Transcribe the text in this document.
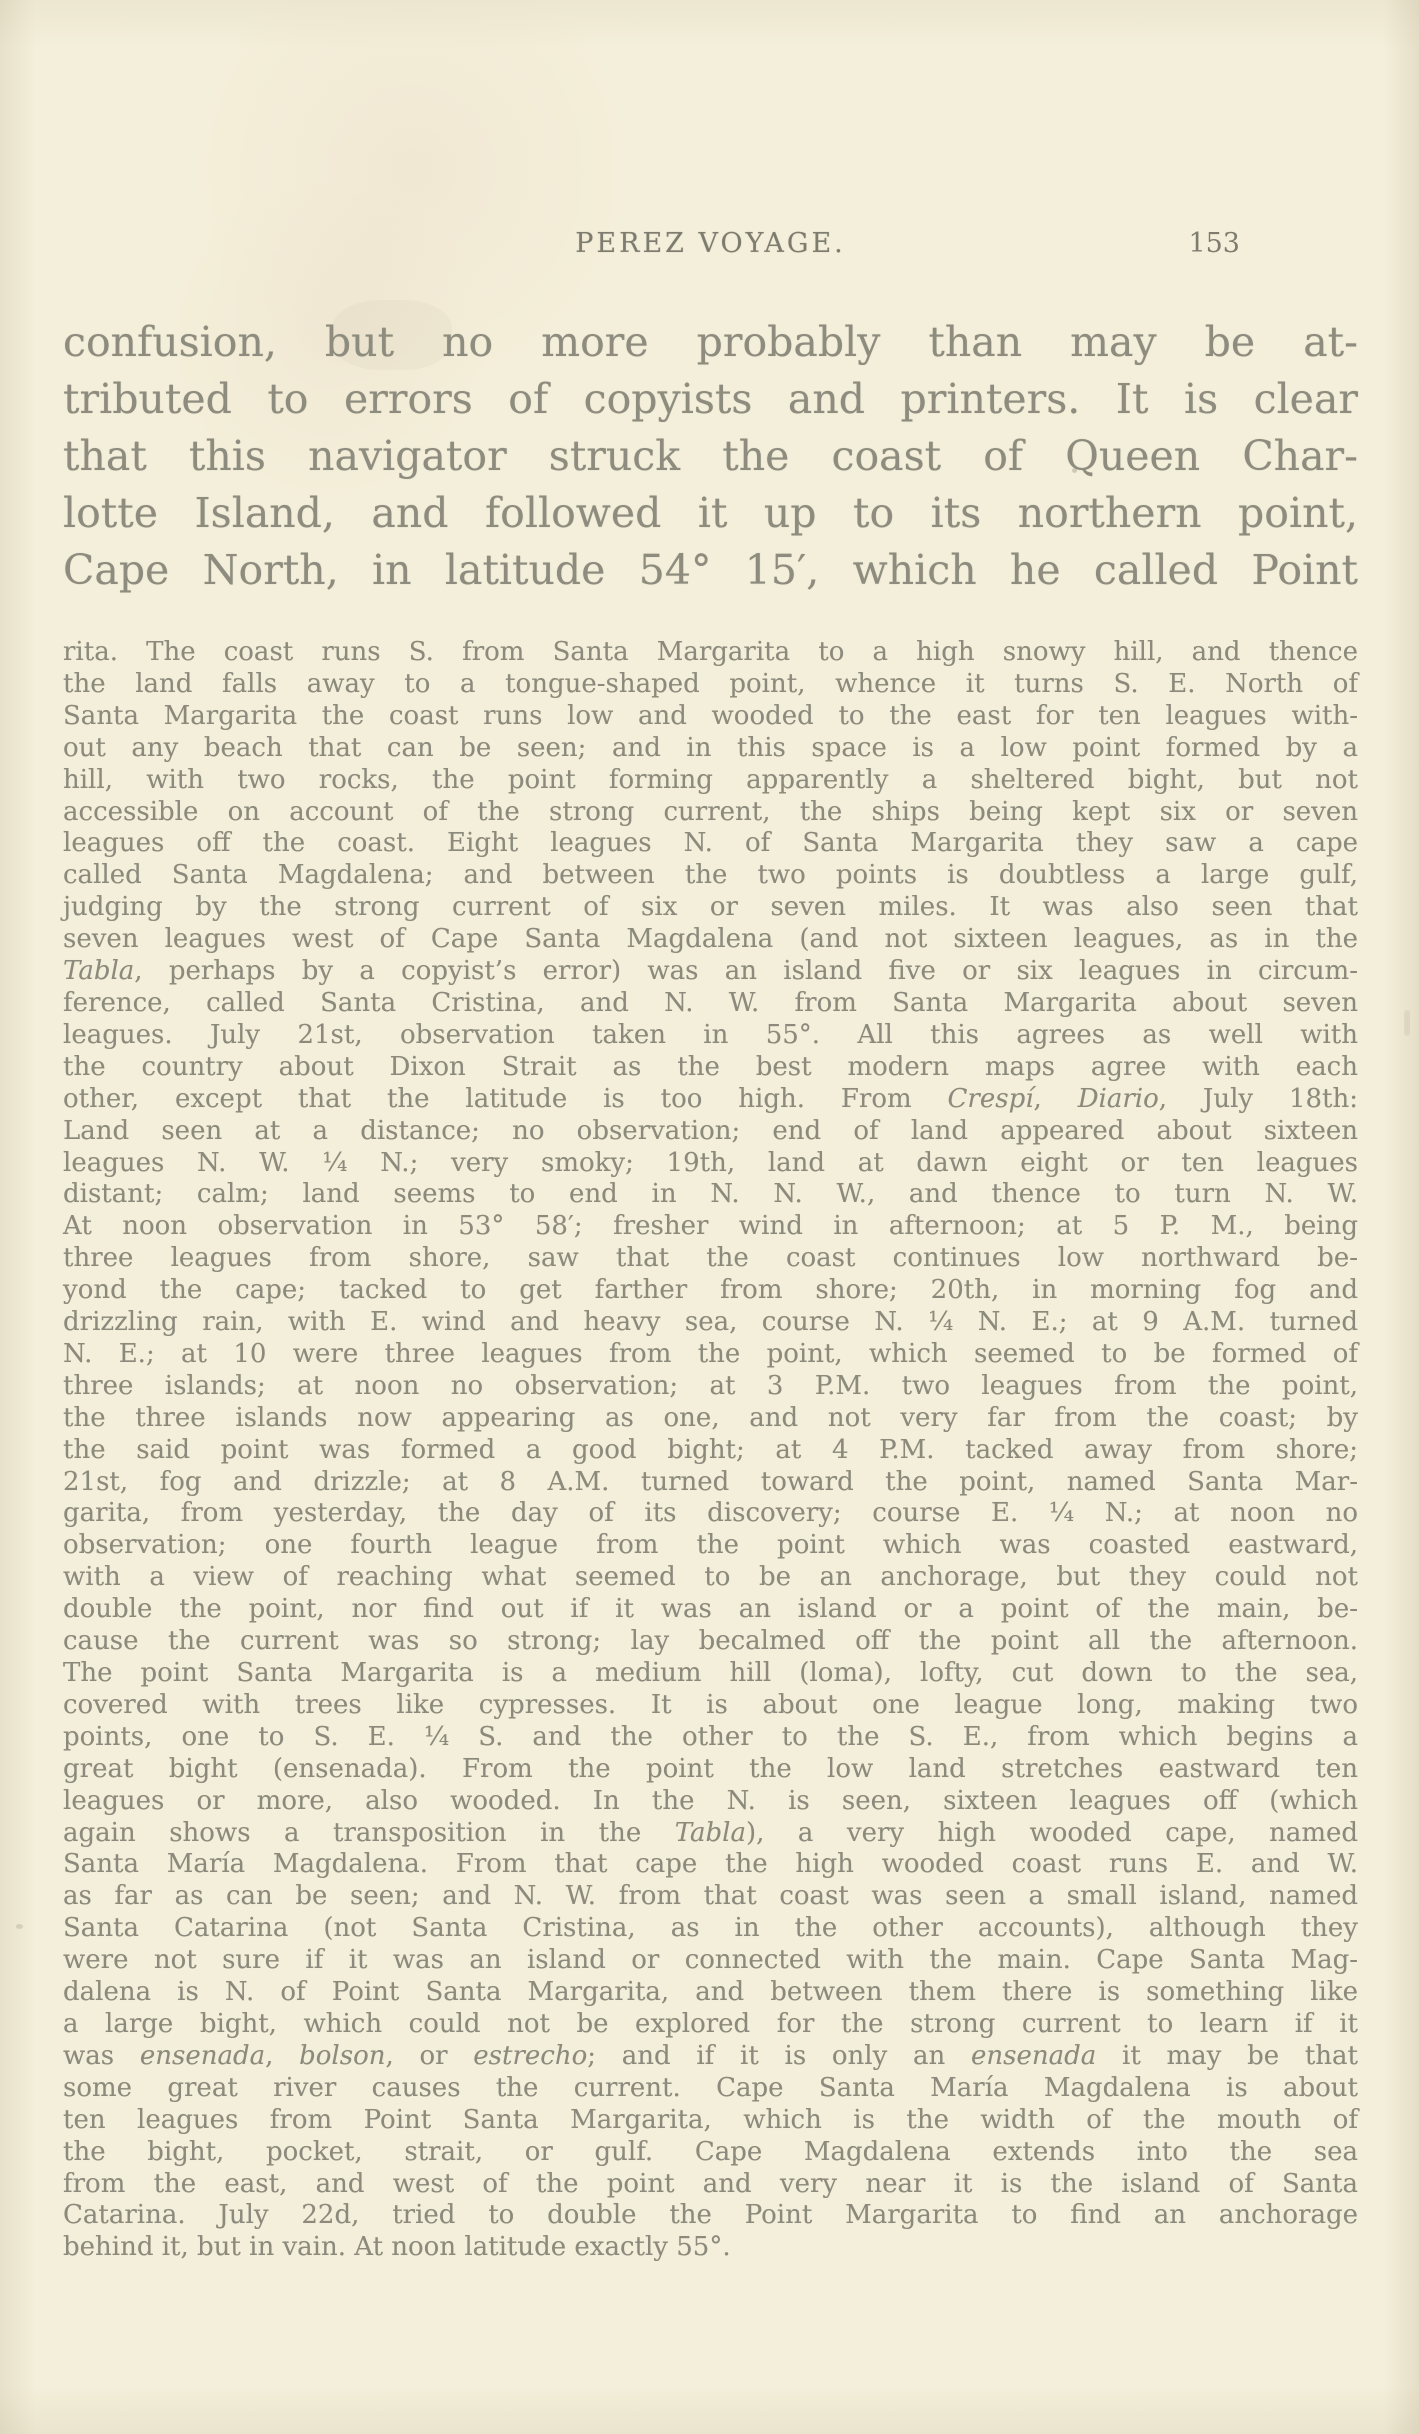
PEREZ VOYAGE.	153
confusion, but no more probably than may be at-
tributed to errors of copyists and printers. It is clear
that this navigator struck the coast of Queen Char-
lotte Island, and followed it up to its northern point,
Cape North, in latitude 54° 15′, which he called Point
rita. The coast runs S. from Santa Margarita to a high snowy hill, and thence
the land falls away to a tongue-shaped point, whence it turns S. E. North of
Santa Margarita the coast runs low and wooded to the east for ten leagues with-
out any beach that can be seen; and in this space is a low point formed by a
hill, with two rocks, the point forming apparently a sheltered bight, but not
accessible on account of the strong current, the ships being kept six or seven
leagues off the coast. Eight leagues N. of Santa Margarita they saw a cape
called Santa Magdalena; and between the two points is doubtless a large gulf,
judging by the strong current of six or seven miles. It was also seen that
seven leagues west of Cape Santa Magdalena (and not sixteen leagues, as in the
Tabla, perhaps by a copyist’s error) was an island five or six leagues in circum-
ference, called Santa Cristina, and N. W. from Santa Margarita about seven
leagues. July 21st, observation taken in 55°. All this agrees as well with
the country about Dixon Strait as the best modern maps agree with each
other, except that the latitude is too high. From Crespí, Diario, July 18th:
Land seen at a distance; no observation; end of land appeared about sixteen
leagues N. W. ¼ N.; very smoky; 19th, land at dawn eight or ten leagues
distant; calm; land seems to end in N. N. W., and thence to turn N. W.
At noon observation in 53° 58′; fresher wind in afternoon; at 5 P. M., being
three leagues from shore, saw that the coast continues low northward be-
yond the cape; tacked to get farther from shore; 20th, in morning fog and
drizzling rain, with E. wind and heavy sea, course N. ¼ N. E.; at 9 A.M. turned
N. E.; at 10 were three leagues from the point, which seemed to be formed of
three islands; at noon no observation; at 3 P.M. two leagues from the point,
the three islands now appearing as one, and not very far from the coast; by
the said point was formed a good bight; at 4 P.M. tacked away from shore;
21st, fog and drizzle; at 8 A.M. turned toward the point, named Santa Mar-
garita, from yesterday, the day of its discovery; course E. ¼ N.; at noon no
observation; one fourth league from the point which was coasted eastward,
with a view of reaching what seemed to be an anchorage, but they could not
double the point, nor find out if it was an island or a point of the main, be-
cause the current was so strong; lay becalmed off the point all the afternoon.
The point Santa Margarita is a medium hill (loma), lofty, cut down to the sea,
covered with trees like cypresses. It is about one league long, making two
points, one to S. E. ¼ S. and the other to the S. E., from which begins a
great bight (ensenada). From the point the low land stretches eastward ten
leagues or more, also wooded. In the N. is seen, sixteen leagues off (which
again shows a transposition in the Tabla), a very high wooded cape, named
Santa María Magdalena. From that cape the high wooded coast runs E. and W.
as far as can be seen; and N. W. from that coast was seen a small island, named
Santa Catarina (not Santa Cristina, as in the other accounts), although they
were not sure if it was an island or connected with the main. Cape Santa Mag-
dalena is N. of Point Santa Margarita, and between them there is something like
a large bight, which could not be explored for the strong current to learn if it
was ensenada, bolson, or estrecho; and if it is only an ensenada it may be that
some great river causes the current. Cape Santa María Magdalena is about
ten leagues from Point Santa Margarita, which is the width of the mouth of
the bight, pocket, strait, or gulf. Cape Magdalena extends into the sea
from the east, and west of the point and very near it is the island of Santa
Catarina. July 22d, tried to double the Point Margarita to find an anchorage
behind it, but in vain. At noon latitude exactly 55°.
